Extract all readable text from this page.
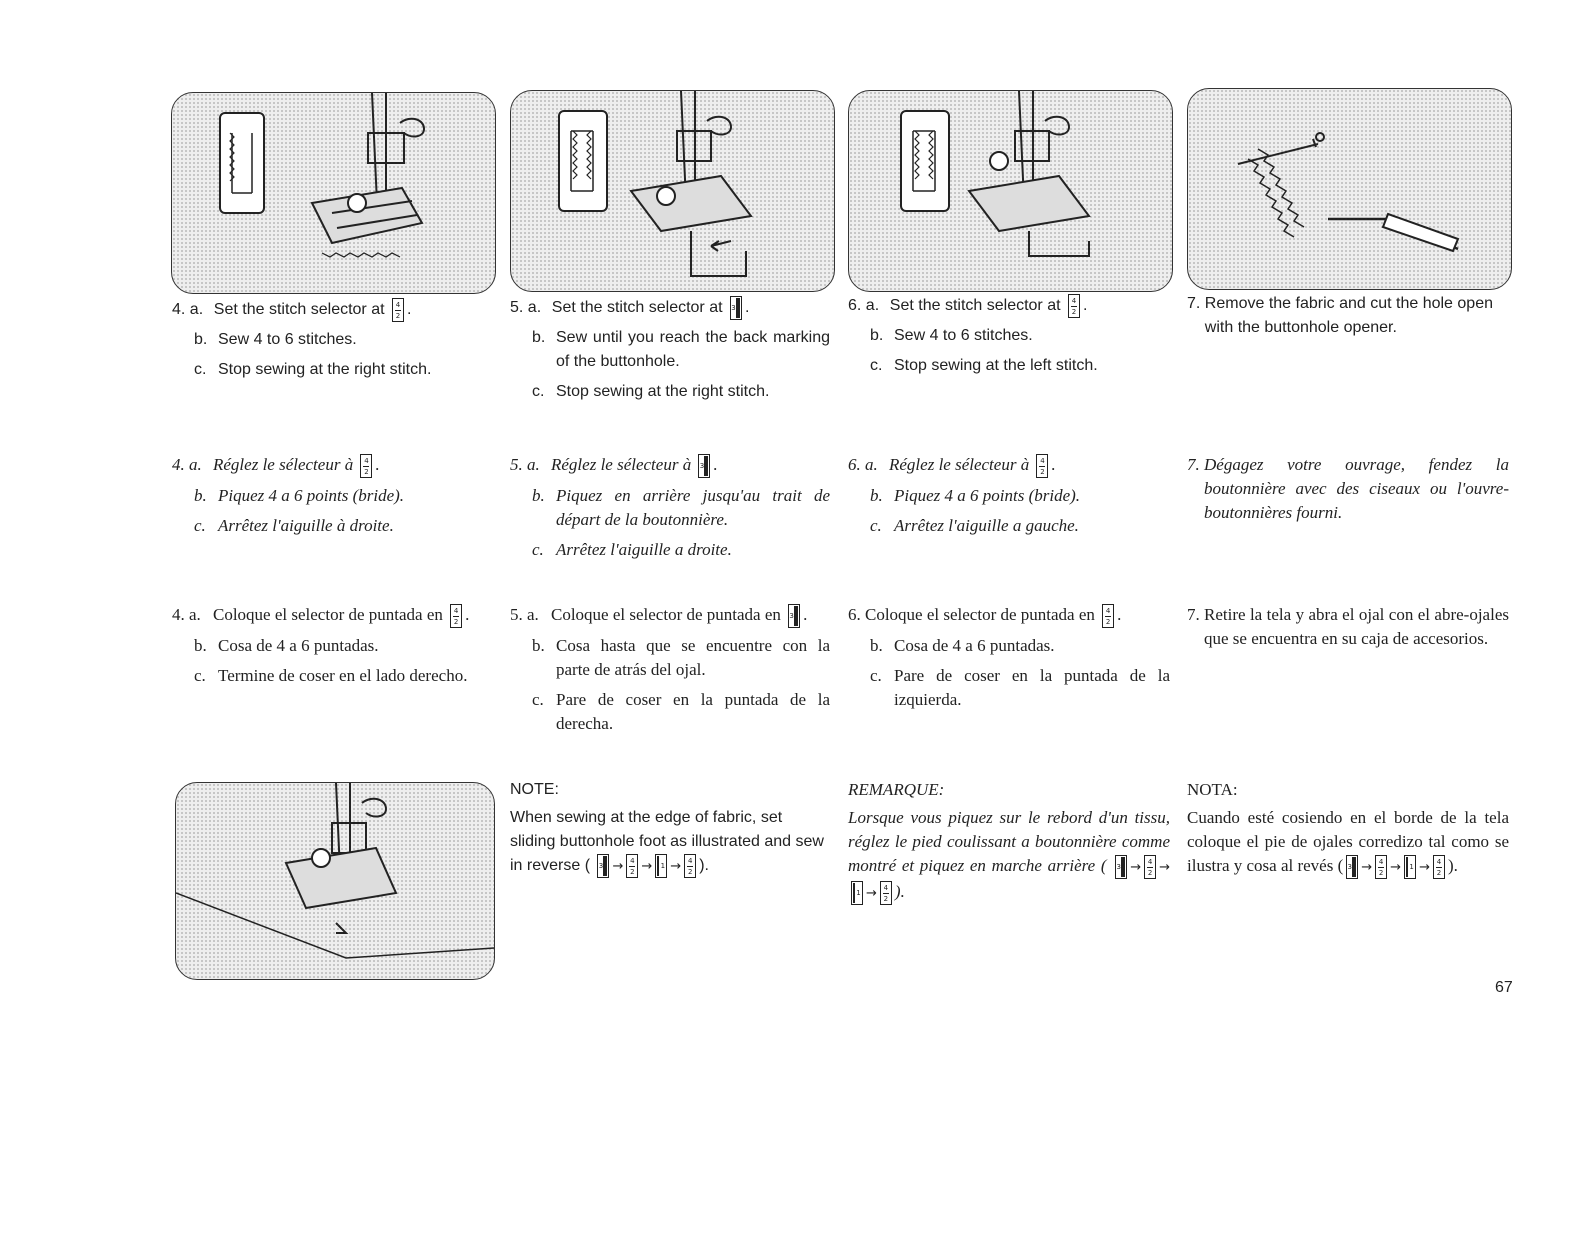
4.
a. Set the stitch selector at $\frac{4}{2}$ .
b. Sew 4 to 6 stitches.
c. Stop sewing at the right stitch.
4.
a. Réglez le sélecteur à $\frac{4}{2}$ .
b. Piquez 4 a 6 points (bride).
c. Arrêtez l'aiguille à droite.
4.
a. Coloque el selector de puntada en $\frac{4}{2}$ .
b. Cosa de 4 a 6 puntadas.
c. Termine de coser en el lado derecho.
5.
a. Set the stitch selector at 3 .
b. Sew until you reach the back marking of the buttonhole.
c. Stop sewing at the right stitch.
5.
a. Réglez le sélecteur à 3 .
b. Piquez en arrière jusqu'au trait de départ de la boutonnière.
c. Arrêtez l'aiguille a droite.
5.
a. Coloque el selector de puntada en 3 .
b. Cosa hasta que se encuentre con la parte de atrás del ojal.
c. Pare de coser en la puntada de la derecha.
NOTE:
When sewing at the edge of fabric, set sliding buttonhole foot as illustrated and sew in reverse ( $3 \to \frac{4}{2} \to 1 \to \frac{4}{2}$ ).
6.
a. Set the stitch selector at $\frac{4}{2}$ .
b. Sew 4 to 6 stitches.
c. Stop sewing at the left stitch.
6.
a. Réglez le sélecteur à $\frac{4}{2}$ .
b. Piquez 4 a 6 points (bride).
c. Arrêtez l'aiguille a gauche.
6.
Coloque el selector de puntada en $\frac{4}{2}$ .
b. Cosa de 4 a 6 puntadas.
c. Pare de coser en la puntada de la izquierda.
REMARQUE:
Lorsque vous piquez sur le rebord d'un tissu, réglez le pied coulissant a boutonnière comme montré et piquez en marche arrière ( $3 \to \frac{4}{2}$ →
$1 \to \frac{4}{2}$ ).
7.
Remove the fabric and cut the hole open with the buttonhole opener.
7.
Dégagez votre ouvrage, fendez la boutonnière avec des ciseaux ou l'ouvre-boutonnières fourni.
7.
Retire la tela y abra el ojal con el abre-ojales que se encuentra en su caja de accesorios.
NOTA:
Cuando esté cosiendo en el borde de la tela coloque el pie de ojales corredizo tal como se ilustra y cosa al revés ( $3 \to \frac{4}{2} \to 1 \to \frac{4}{2}$ ).
67
